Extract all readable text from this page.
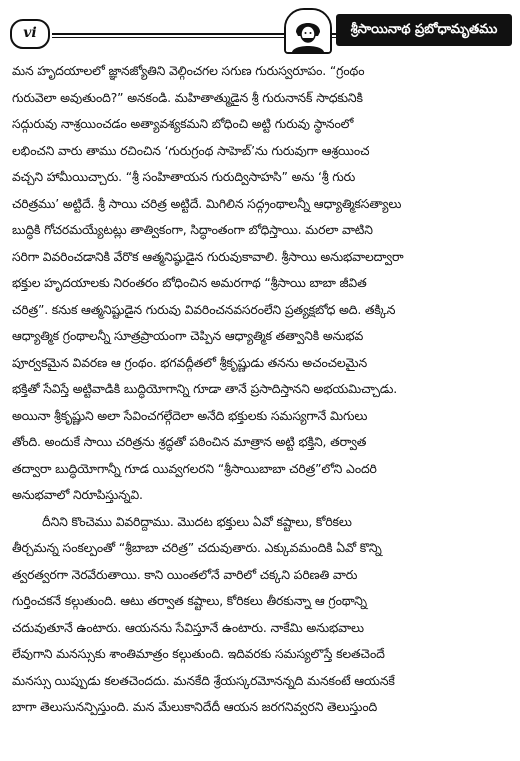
vi	శ్రీసాయినాథ ప్రబోధామృతము
మన హృదయాలలో జ్ఞానజ్యోతిని వెల్గించగల సగుణ గురుస్వరూపం. “గ్రంథం
గురువెలా అవుతుంది?” అనకండి. మహితాత్ముడైన శ్రీ గురునానక్ సాధకునికి
సద్గురువు నాశ్రయించడం అత్యావశ్యకమని బోధించి అట్టి గురువు స్థానంలో
లభించని వారు తాము రచించిన ‘గురుగ్రంథ సాహెబ్’ను గురువుగా ఆశ్రయించ
వచ్చని హామీయిచ్చారు. “శ్రీ సంహితాయన గురుద్విసాహసి” అను ‘శ్రీ గురు
చరిత్రము’ అట్టిదే. శ్రీ సాయి చరిత్ర అట్టిదే. మిగిలిన సద్గ్రంథాలన్నీ ఆధ్యాత్మికసత్యాలు
బుద్ధికి గోచరమయ్యేటట్లు తాత్వికంగా, సిద్ధాంతంగా బోధిస్తాయి. మరలా వాటిని
సరిగా వివరించడానికి వేరొక ఆత్మనిష్ఠుడైన గురువుకావాలి. శ్రీసాయి అనుభవాలద్వారా
భక్తుల హృదయాలకు నిరంతరం బోధించిన అమరగాథ “శ్రీసాయి బాబా జీవిత
చరిత్ర”. కనుక ఆత్మనిష్టుడైన గురువు వివరించనవసరంలేని ప్రత్యక్షబోధ అది. తక్కిన
ఆధ్యాత్మిక గ్రంథాలన్నీ సూత్రప్రాయంగా చెప్పిన ఆధ్యాత్మిక తత్వానికి అనుభవ
పూర్వకమైన వివరణ ఆ గ్రంథం. భగవద్గీతలో శ్రీకృష్ణుడు తనను అచంచలమైన
భక్తితో సేవిస్తే అట్టివాడికి బుద్ధియోగాన్ని గూడా తానే ప్రసాదిస్తానని అభయమిచ్చాడు.
అయినా శ్రీకృష్ణుని అలా సేవించగల్గేదెలా అనేది భక్తులకు సమస్యగానే మిగులు
తోంది. అందుకే సాయి చరిత్రను శ్రద్ధతో పఠించిన మాత్రాన అట్టి భక్తిని, తర్వాత
తద్వారా బుద్ధియోగాన్నీ గూడ యివ్వగలరని “శ్రీసాయిబాబా చరిత్ర”లోని ఎందరి
అనుభవాలో నిరూపిస్తున్నవి.
దీనిని కొంచెము వివరిద్దాము. మొదట భక్తులు ఏవో కష్టాలు, కోరికలు
తీర్చమన్న సంకల్పంతో “శ్రీబాబా చరిత్ర” చదువుతారు. ఎక్కువమందికి ఏవో కొన్ని
త్వరత్వరగా నెరవేరుతాయి. కాని యింతలోనే వారిలో చక్కని పరిణతి వారు
గుర్తించకనే కల్గుతుంది. ఆటు తర్వాత కష్టాలు, కోరికలు తీరకున్నా ఆ గ్రంథాన్ని
చదువుతూనే ఉంటారు. ఆయనను సేవిస్తూనే ఉంటారు. నాకేమి అనుభవాలు
లేవుగాని మనస్సుకు శాంతిమాత్రం కల్గుతుంది. ఇదివరకు సమస్యలొస్తే కలతచెందే
మనస్సు యిప్పుడు కలతచెందదు. మనకేది శ్రేయస్కరమోనన్నది మనకంటే ఆయనకే
బాగా తెలుసునన్పిస్తుంది. మన మేలుకానిదేదీ ఆయన జరగనివ్వరని తెలుస్తుంది
